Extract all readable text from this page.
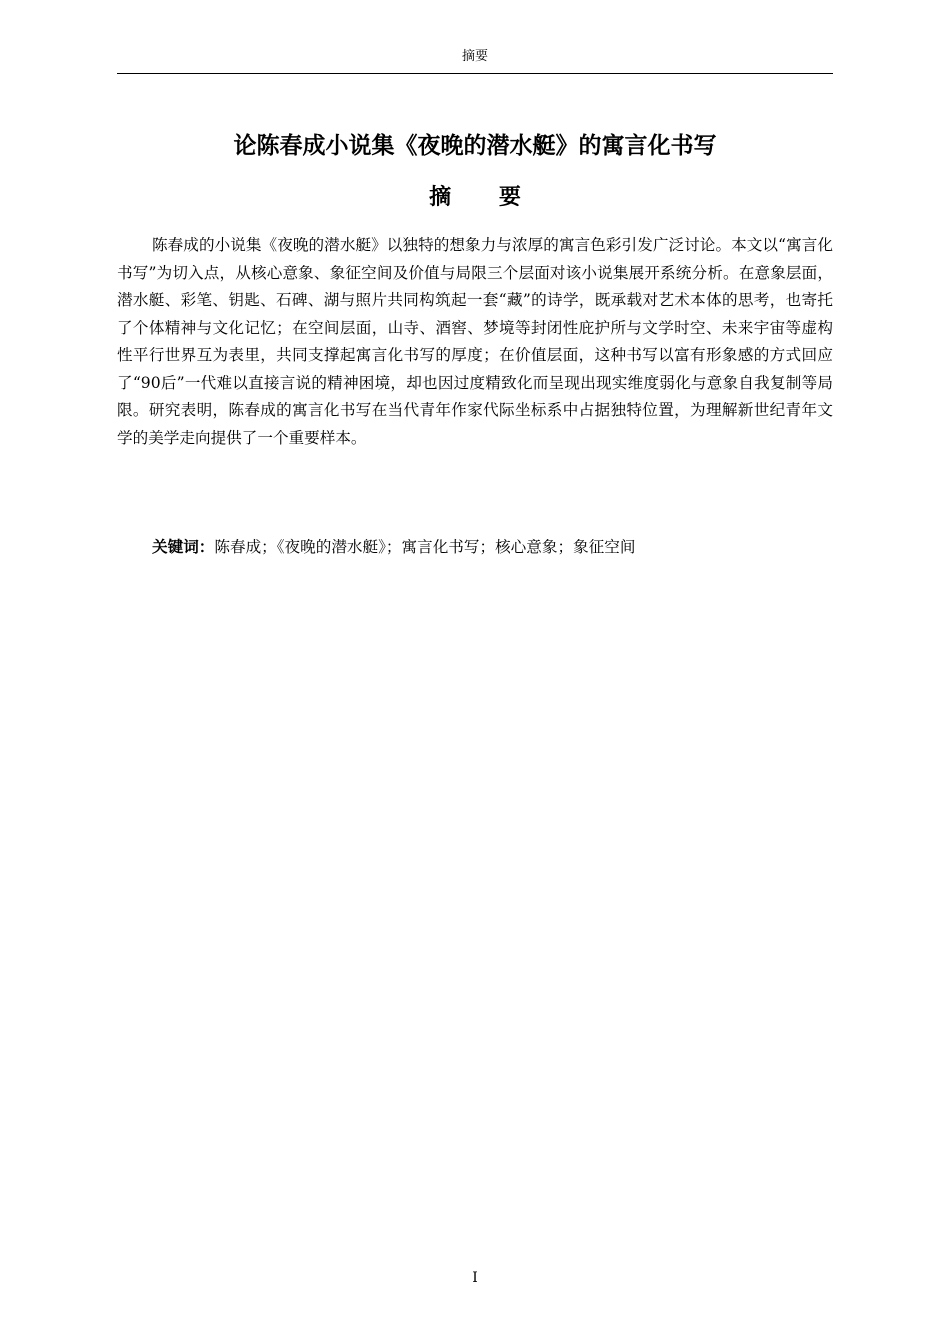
摘要
论陈春成小说集《夜晚的潜水艇》的寓言化书写
摘 要

陈春成的小说集《夜晚的潜水艇》以独特的想象力与浓厚的寓言色彩引发广泛讨论。本文以“寓言化书写”为切入点，从核心意象、象征空间及价值与局限三个层面对该小说集展开系统分析。在意象层面，潜水艇、彩笔、钥匙、石碑、湖与照片共同构筑起一套“藏”的诗学，既承载对艺术本体的思考，也寄托了个体精神与文化记忆；在空间层面，山寺、酒窖、梦境等封闭性庇护所与文学时空、未来宇宙等虚构性平行世界互为表里，共同支撑起寓言化书写的厚度；在价值层面，这种书写以富有形象感的方式回应了“90后”一代难以直接言说的精神困境，却也因过度精致化而呈现出现实维度弱化与意象自我复制等局限。研究表明，陈春成的寓言化书写在当代青年作家代际坐标系中占据独特位置，为理解新世纪青年文学的美学走向提供了一个重要样本。

关键词：陈春成；《夜晚的潜水艇》；寓言化书写；核心意象；象征空间

I
